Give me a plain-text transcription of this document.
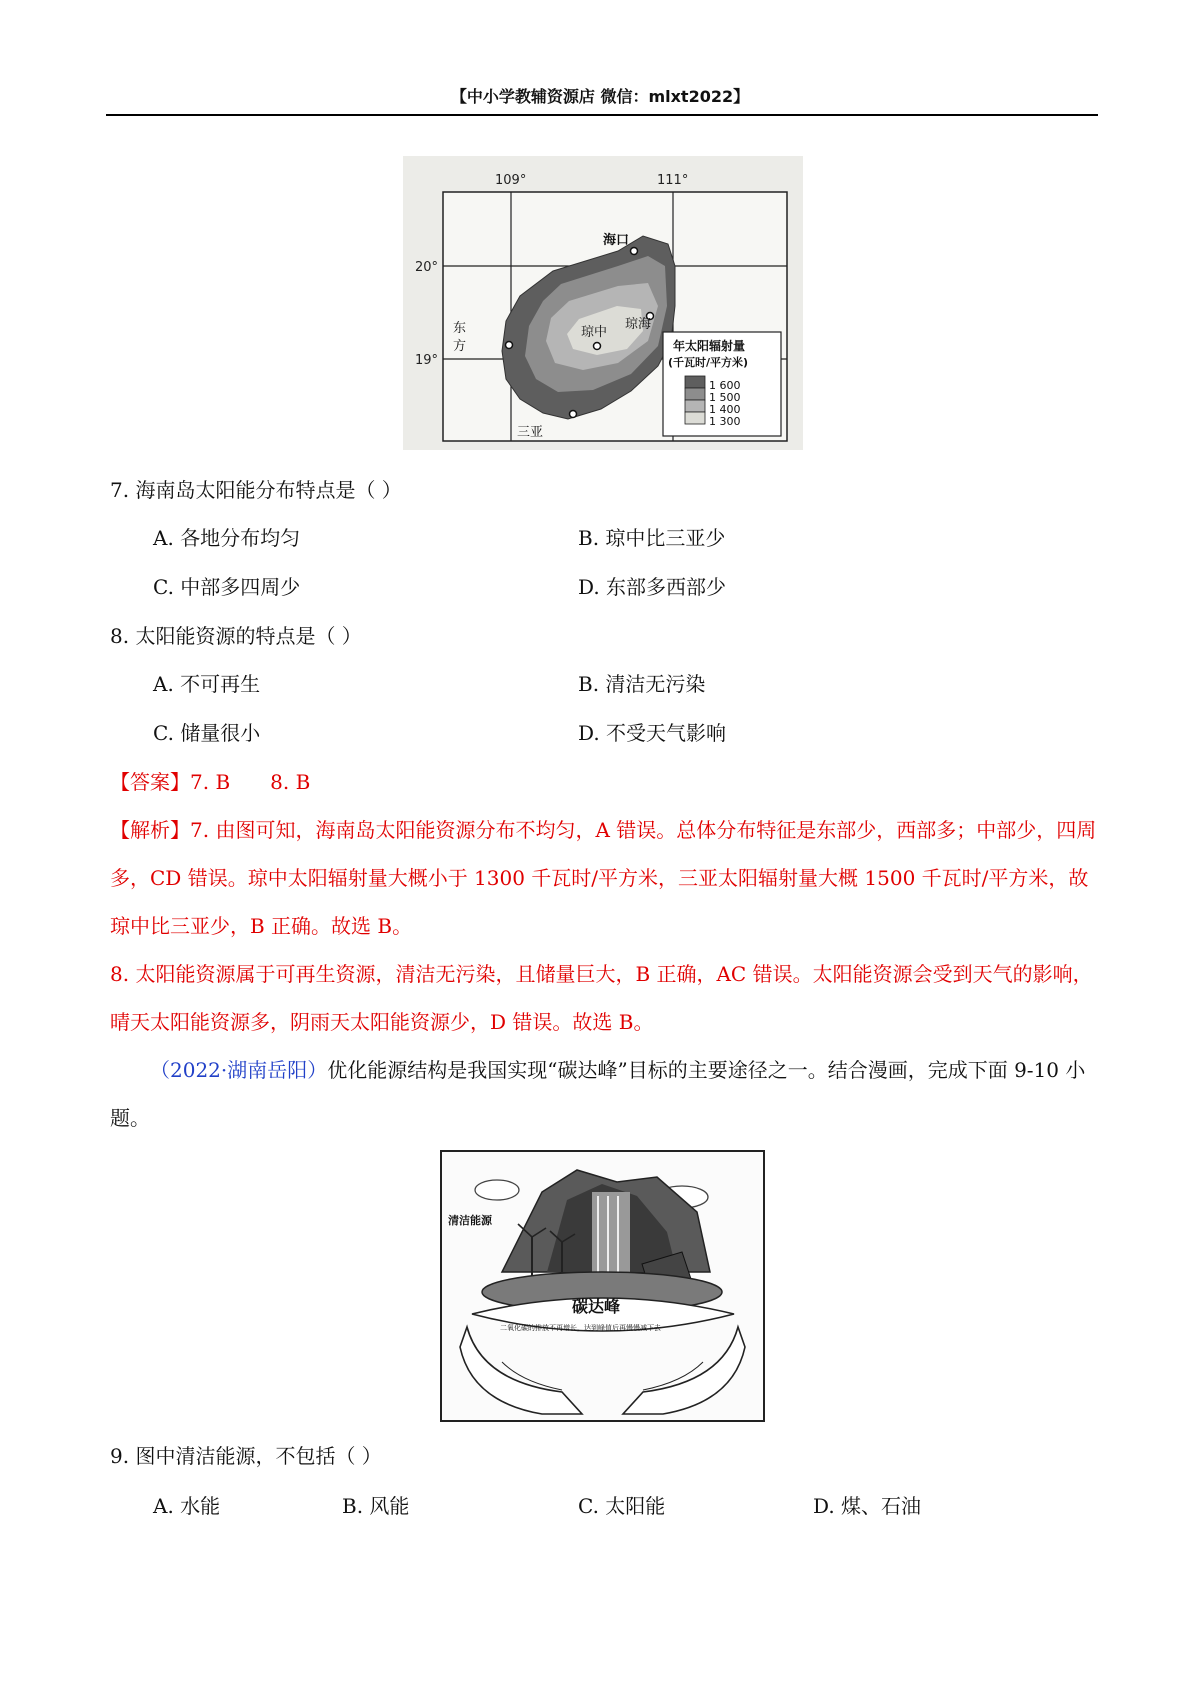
【中小学教辅资源店 微信：mlxt2022】
109°	111°
20°
19°
海口
琼中
琼海
东
方
三亚
年太阳辐射量
(千瓦时/平方米)
1 600
1 500
1 400
1 300
7. 海南岛太阳能分布特点是（ ）
A. 各地分布均匀	B. 琼中比三亚少
C. 中部多四周少	D. 东部多西部少
8. 太阳能资源的特点是（ ）
A. 不可再生	B. 清洁无污染
C. 储量很小	D. 不受天气影响
【答案】7. B 8. B

【解析】7. 由图可知，海南岛太阳能资源分布不均匀，A 错误。总体分布特征是东部少，西部多；中部少，四周多，CD 错误。琼中太阳辐射量大概小于 1300 千瓦时/平方米，三亚太阳辐射量大概 1500 千瓦时/平方米，故琼中比三亚少，B 正确。故选 B。

8. 太阳能资源属于可再生资源，清洁无污染，且储量巨大，B 正确，AC 错误。太阳能资源会受到天气的影响，晴天太阳能资源多，阴雨天太阳能资源少，D 错误。故选 B。

（2022·湖南岳阳）优化能源结构是我国实现“碳达峰”目标的主要途径之一。结合漫画，完成下面 9-10 小题。
碳达峰
二氧化碳的排放不再增长，达到峰值后再慢慢减下去
清洁能源
9. 图中清洁能源，不包括（ ）
A. 水能	B. 风能	C. 太阳能	D. 煤、石油
